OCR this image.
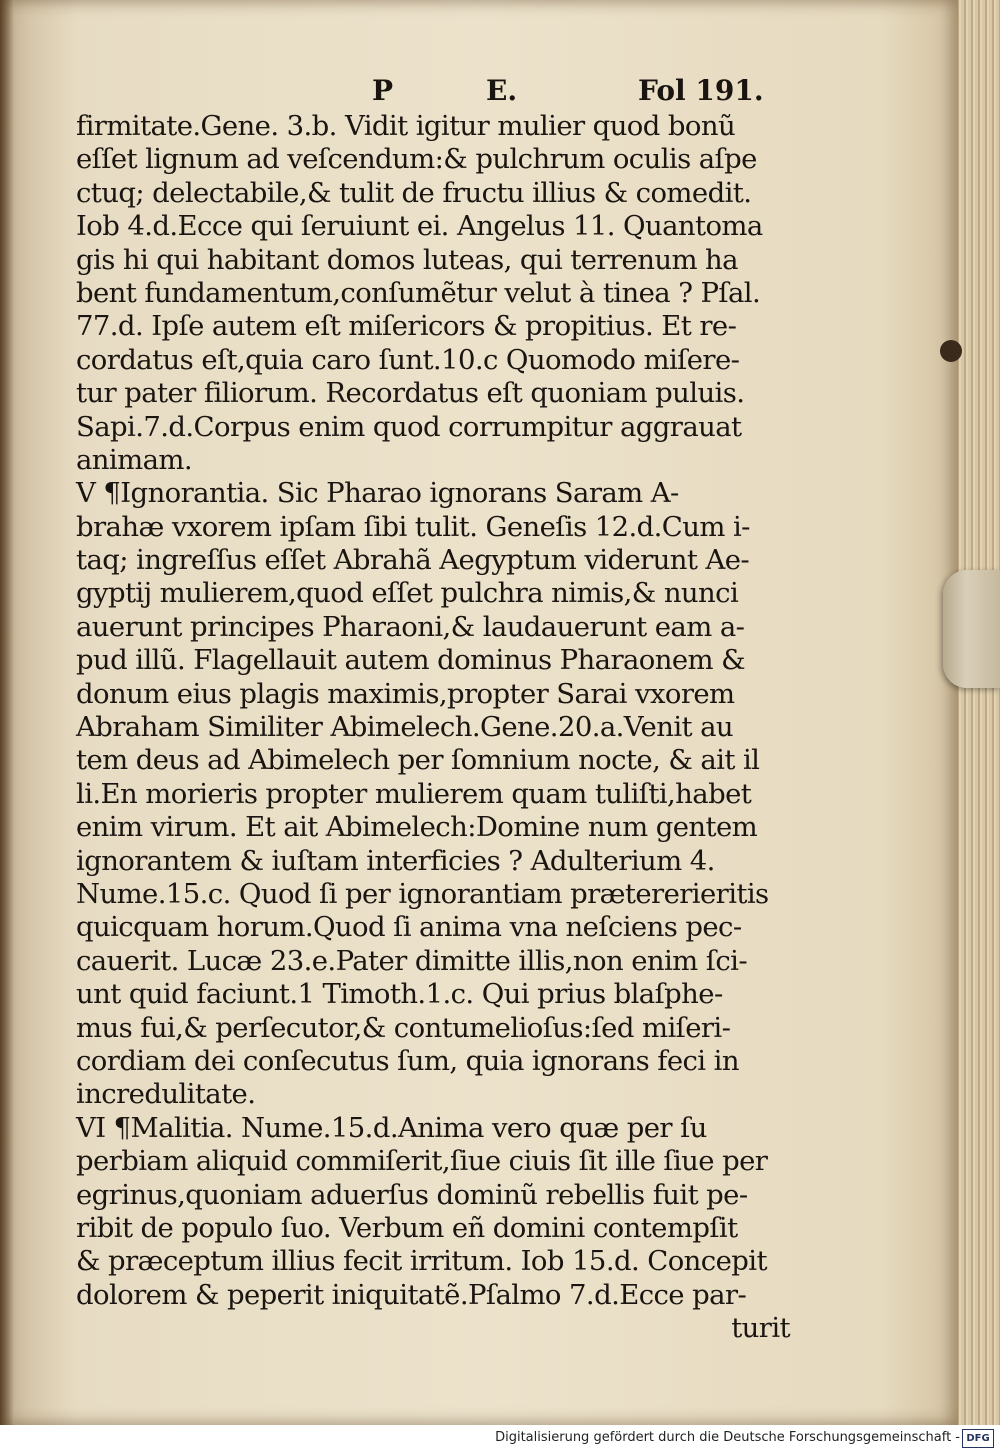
P	E.	Fol 191.
firmitate.Gene. 3.b. Vidit igitur mulier quod bonũ
eſſet lignum ad veſcendum:& pulchrum oculis aſpe
ctuq; delectabile,& tulit de fructu illius & comedit.
Iob 4.d.Ecce qui ſeruiunt ei. Angelus 11. Quantoma
gis hi qui habitant domos luteas, qui terrenum ha
bent fundamentum,conſumẽtur velut à tinea ? Pſal.
77.d. Ipſe autem eſt miſericors & propitius. Et re-
cordatus eſt,quia caro ſunt.10.c Quomodo miſere-
tur pater filiorum. Recordatus eſt quoniam puluis.
Sapi.7.d.Corpus enim quod corrumpitur aggrauat
animam.
V ¶Ignorantia. Sic Pharao ignorans Saram A-
brahæ vxorem ipſam ſibi tulit. Geneſis 12.d.Cum i-
taq; ingreſſus eſſet Abrahã Aegyptum viderunt Ae-
gyptij mulierem,quod eſſet pulchra nimis,& nunci
auerunt principes Pharaoni,& laudauerunt eam a-
pud illũ. Flagellauit autem dominus Pharaonem &
donum eius plagis maximis,propter Sarai vxorem
Abraham Similiter Abimelech.Gene.20.a.Venit au
tem deus ad Abimelech per ſomnium nocte, & ait il
li.En morieris propter mulierem quam tuliſti,habet
enim virum. Et ait Abimelech:Domine num gentem
ignorantem & iuſtam interficies ? Adulterium 4.
Nume.15.c. Quod ſi per ignorantiam prætererieritis
quicquam horum.Quod ſi anima vna neſciens pec-
cauerit. Lucæ 23.e.Pater dimitte illis,non enim ſci-
unt quid faciunt.1 Timoth.1.c. Qui prius blaſphe-
mus fui,& perſecutor,& contumelioſus:ſed miſeri-
cordiam dei conſecutus ſum, quia ignorans feci in
incredulitate.
VI ¶Malitia. Nume.15.d.Anima vero quæ per ſu
perbiam aliquid commiſerit,ſiue ciuis ſit ille ſiue per
egrinus,quoniam aduerſus dominũ rebellis fuit pe-
ribit de populo ſuo. Verbum eñ domini contempſit
& præceptum illius fecit irritum. Iob 15.d. Concepit
dolorem & peperit iniquitatẽ.Pſalmo 7.d.Ecce par-
turit
Digitalisierung gefördert durch die Deutsche Forschungsgemeinschaft - DFG
